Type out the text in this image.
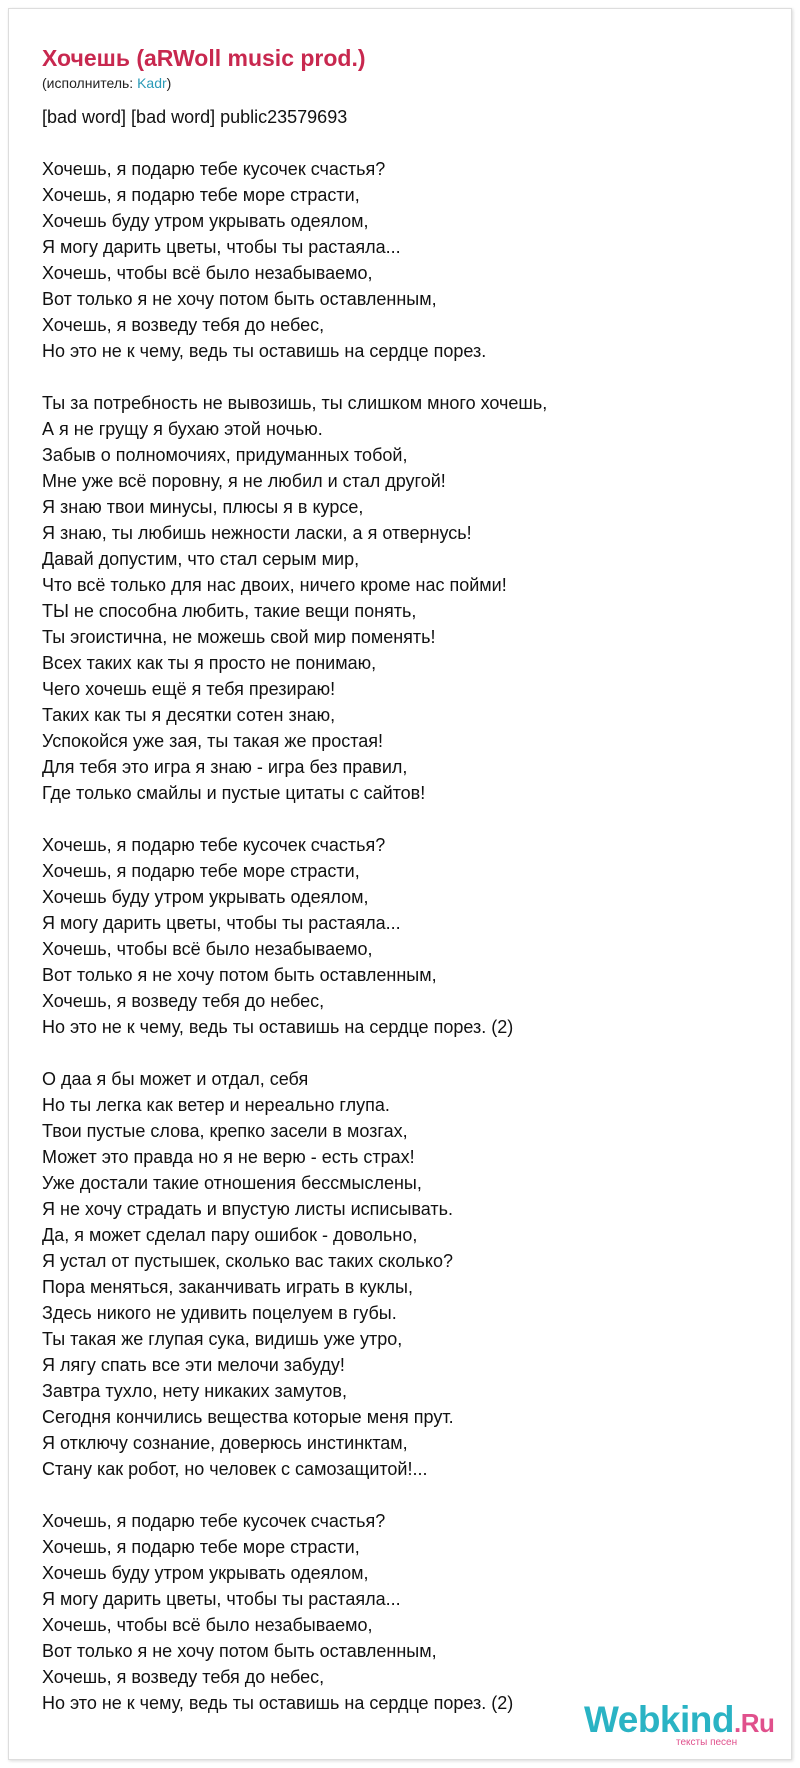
Хочешь (aRWoll music prod.)
(исполнитель: Kadr)
[bad word] [bad word] public23579693
Хочешь, я подарю тебе кусочек счастья?
Хочешь, я подарю тебе море страсти,
Хочешь буду утром укрывать одеялом,
Я могу дарить цветы, чтобы ты растаяла...
Хочешь, чтобы всё было незабываемо,
Вот только я не хочу потом быть оставленным,
Хочешь, я возведу тебя до небес,
Но это не к чему, ведь ты оставишь на сердце порез.
Ты за потребность не вывозишь, ты слишком много хочешь,
А я не грущу я бухаю этой ночью.
Забыв о полномочиях, придуманных тобой,
Мне уже всё поровну, я не любил и стал другой!
Я знаю твои минусы, плюсы я в курсе,
Я знаю, ты любишь нежности ласки, а я отвернусь!
Давай допустим, что стал серым мир,
Что всё только для нас двоих, ничего кроме нас пойми!
ТЫ не способна любить, такие вещи понять,
Ты эгоистична, не можешь свой мир поменять!
Всех таких как ты я просто не понимаю,
Чего хочешь ещё я тебя презираю!
Таких как ты я десятки сотен знаю,
Успокойся уже зая, ты такая же простая!
Для тебя это игра я знаю - игра без правил,
Где только смайлы и пустые цитаты с сайтов!
Хочешь, я подарю тебе кусочек счастья?
Хочешь, я подарю тебе море страсти,
Хочешь буду утром укрывать одеялом,
Я могу дарить цветы, чтобы ты растаяла...
Хочешь, чтобы всё было незабываемо,
Вот только я не хочу потом быть оставленным,
Хочешь, я возведу тебя до небес,
Но это не к чему, ведь ты оставишь на сердце порез. (2)
О даа я бы может и отдал, себя
Но ты легка как ветер и нереально глупа.
Твои пустые слова, крепко засели в мозгах,
Может это правда но я не верю - есть страх!
Уже достали такие отношения бессмыслены,
Я не хочу страдать и впустую листы исписывать.
Да, я может сделал пару ошибок - довольно,
Я устал от пустышек, сколько вас таких сколько?
Пора меняться, заканчивать играть в куклы,
Здесь никого не удивить поцелуем в губы.
Ты такая же глупая сука, видишь уже утро,
Я лягу спать все эти мелочи забуду!
Завтра тухло, нету никаких замутов,
Сегодня кончились вещества которые меня прут.
Я отключу сознание, доверюсь инстинктам,
Стану как робот, но человек с самозащитой!...
Хочешь, я подарю тебе кусочек счастья?
Хочешь, я подарю тебе море страсти,
Хочешь буду утром укрывать одеялом,
Я могу дарить цветы, чтобы ты растаяла...
Хочешь, чтобы всё было незабываемо,
Вот только я не хочу потом быть оставленным,
Хочешь, я возведу тебя до небес,
Но это не к чему, ведь ты оставишь на сердце порез. (2)	Webkind.Ru
тексты песен
